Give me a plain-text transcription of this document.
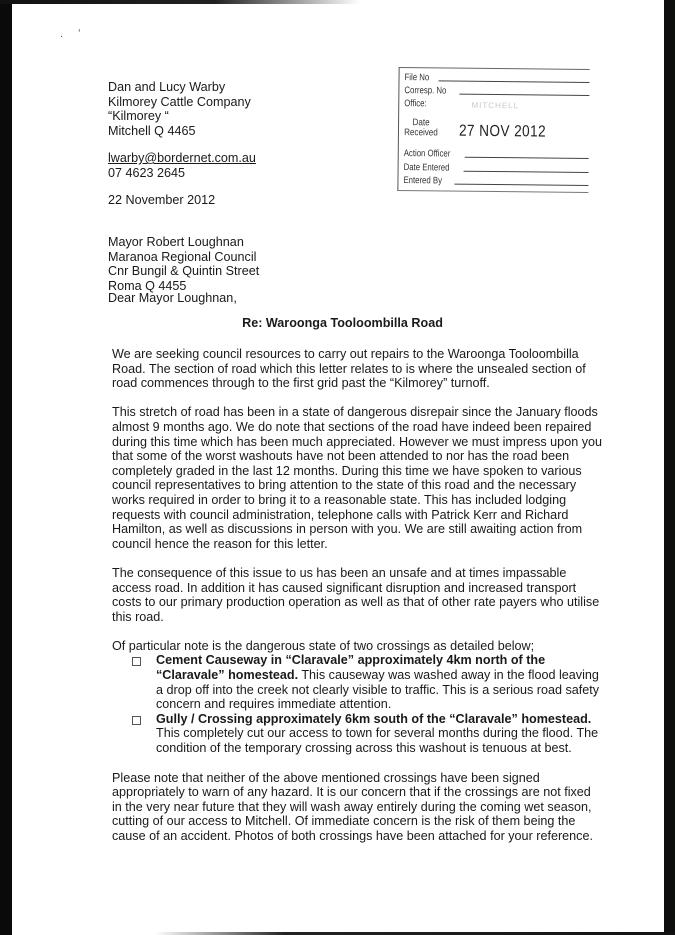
. ʻ
Dan and Lucy Warby
Kilmorey Cattle Company
“Kilmorey “
Mitchell Q 4465
lwarby@bordernet.com.au
07 4623 2645
22 November 2012
Mayor Robert Loughnan
Maranoa Regional Council
Cnr Bungil & Quintin Street
Roma Q 4455
Dear Mayor Loughnan,
Re: Waroonga Tooloombilla Road

We are seeking council resources to carry out repairs to the Waroonga Tooloombilla Road. The section of road which this letter relates to is where the unsealed section of road commences through to the first grid past the “Kilmorey” turnoff.

This stretch of road has been in a state of dangerous disrepair since the January floods almost 9 months ago. We do note that sections of the road have indeed been repaired during this time which has been much appreciated. However we must impress upon you that some of the worst washouts have not been attended to nor has the road been completely graded in the last 12 months. During this time we have spoken to various council representatives to bring attention to the state of this road and the necessary works required in order to bring it to a reasonable state. This has included lodging requests with council administration, telephone calls with Patrick Kerr and Richard Hamilton, as well as discussions in person with you. We are still awaiting action from council hence the reason for this letter.

The consequence of this issue to us has been an unsafe and at times impassable access road. In addition it has caused significant disruption and increased transport costs to our primary production operation as well as that of other rate payers who utilise this road.

Of particular note is the dangerous state of two crossings as detailed below;

Cement Causeway in “Claravale” approximately 4km north of the “Claravale” homestead. This causeway was washed away in the flood leaving a drop off into the creek not clearly visible to traffic. This is a serious road safety concern and requires immediate attention.
Gully / Crossing approximately 6km south of the “Claravale” homestead. This completely cut our access to town for several months during the flood. The condition of the temporary crossing across this washout is tenuous at best.

Please note that neither of the above mentioned crossings have been signed appropriately to warn of any hazard. It is our concern that if the crossings are not fixed in the very near future that they will wash away entirely during the coming wet season, cutting of our access to Mitchell. Of immediate concern is the risk of them being the cause of an accident. Photos of both crossings have been attached for your reference.

File No
Corresp. No
Office:	MITCHELL
Date
Received 27 NOV 2012
Action Officer
Date Entered
Entered By
